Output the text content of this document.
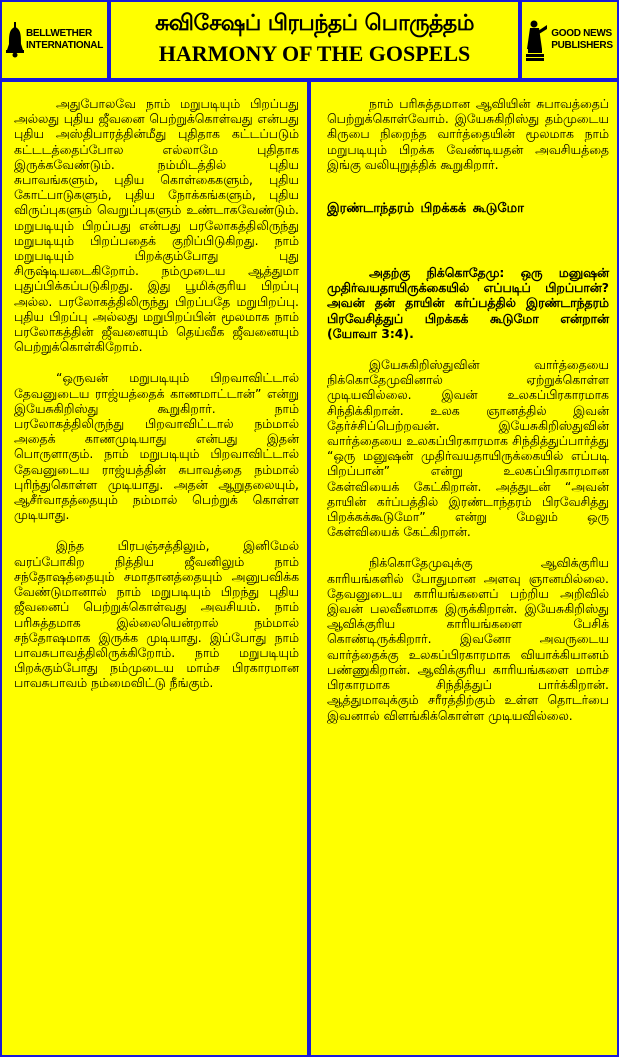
BELLWETHER
INTERNATIONAL
சுவிசேஷப் பிரபந்தப் பொருத்தம்
HARMONY OF THE GOSPELS
GOOD NEWS
PUBLISHERS

அதுபோலவே நாம் மறுபடியும் பிறப்பது அல்லது புதிய ஜீவனை பெற்றுக்கொள்வது என்பது புதிய அஸ்திபாரத்தின்மீது புதிதாக கட்டப்படும் கட்டடத்தைப்போல எல்லாமே புதிதாக இருக்கவேண்டும். நம்மிடத்தில் புதிய சுபாவங்களும், புதிய கொள்கைகளும், புதிய கோட்பாடுகளும், புதிய நோக்கங்களும், புதிய விருப்புகளும் வெறுப்புகளும் உண்டாகவேண்டும். மறுபடியும் பிறப்பது என்பது பரலோகத்திலிருந்து மறுபடியும் பிறப்பதைக் குறிப்பிடுகிறது. நாம் மறுபடியும் பிறக்கும்போது புது சிருஷ்டியடைகிறோம். நம்முடைய ஆத்துமா புதுப்பிக்கப்படுகிறது. இது பூமிக்குரிய பிறப்பு அல்ல. பரலோகத்திலிருந்து பிறப்பதே மறுபிறப்பு. புதிய பிறப்பு அல்லது மறுபிறப்பின் மூலமாக நாம் பரலோகத்தின் ஜீவனையும் தெய்வீக ஜீவனையும் பெற்றுக்கொள்கிறோம்.

“ஒருவன் மறுபடியும் பிறவாவிட்டால் தேவனுடைய ராஜ்யத்தைக் காணமாட்டான்” என்று இயேசுகிறிஸ்து கூறுகிறார். நாம் பரலோகத்திலிருந்து பிறவாவிட்டால் நம்மால் அதைக் காணமுடியாது என்பது இதன் பொருளாகும். நாம் மறுபடியும் பிறவாவிட்டால் தேவனுடைய ராஜ்யத்தின் சுபாவத்தை நம்மால் புரிந்துகொள்ள முடியாது. அதன் ஆறுதலையும், ஆசீர்வாதத்தையும் நம்மால் பெற்றுக் கொள்ள முடியாது.

இந்த பிரபஞ்சத்திலும், இனிமேல் வரப்போகிற நித்திய ஜீவனிலும் நாம் சந்தோஷத்தையும் சமாதானத்தையும் அனுபவிக்க வேண்டுமானால் நாம் மறுபடியும் பிறந்து புதிய ஜீவனைப் பெற்றுக்கொள்வது அவசியம். நாம் பரிசுத்தமாக இல்லையென்றால் நம்மால் சந்தோஷமாக இருக்க முடியாது. இப்போது நாம் பாவசுபாவத்திலிருக்கிறோம். நாம் மறுபடியும் பிறக்கும்போது நம்முடைய மாம்ச பிரகாரமான பாவசுபாவம் நம்மைவிட்டு நீங்கும்.

நாம் பரிசுத்தமான ஆவியின் சுபாவத்தைப் பெற்றுக்கொள்வோம். இயேசுகிறிஸ்து தம்முடைய கிருபை நிறைந்த வார்த்தையின் மூலமாக நாம் மறுபடியும் பிறக்க வேண்டியதன் அவசியத்தை இங்கு வலியுறுத்திக் கூறுகிறார்.

இரண்டாந்தரம் பிறக்கக் கூடுமோ

அதற்கு நிக்கொதேமு: ஒரு மனுஷன் முதிர்வயதாயிருக்கையில் எப்படிப் பிறப்பான்? அவன் தன் தாயின் கர்ப்பத்தில் இரண்டாந்தரம் பிரவேசித்துப் பிறக்கக் கூடுமோ என்றான் (யோவா 3:4).

இயேசுகிறிஸ்துவின் வார்த்தையை நிக்கொதேமுவினால் ஏற்றுக்கொள்ள முடியவில்லை. இவன் உலகப்பிரகாரமாக சிந்திக்கிறான். உலக ஞானத்தில் இவன் தேர்ச்சிப்பெற்றவன். இயேசுகிறிஸ்துவின் வார்த்தையை உலகப்பிரகாரமாக சிந்தித்துப்பார்த்து “ஒரு மனுஷன் முதிர்வயதாயிருக்கையில் எப்படி பிறப்பான்” என்று உலகப்பிரகாரமான கேள்வியைக் கேட்கிறான். அத்துடன் “அவன் தாயின் கர்ப்பத்தில் இரண்டாந்தரம் பிரவேசித்து பிறக்கக்கூடுமோ” என்று மேலும் ஒரு கேள்வியைக் கேட்கிறான்.

நிக்கொதேமுவுக்கு ஆவிக்குரிய காரியங்களில் போதுமான அளவு ஞானமில்லை. தேவனுடைய காரியங்களைப் பற்றிய அறிவில் இவன் பலவீனமாக இருக்கிறான். இயேசுகிறிஸ்து ஆவிக்குரிய காரியங்களை பேசிக் கொண்டிருக்கிறார். இவனோ அவருடைய வார்த்தைக்கு உலகப்பிரகாரமாக வியாக்கியானம் பண்ணுகிறான். ஆவிக்குரிய காரியங்களை மாம்ச பிரகாரமாக சிந்தித்துப் பார்க்கிறான். ஆத்துமாவுக்கும் சரீரத்திற்கும் உள்ள தொடர்பை இவனால் விளங்கிக்கொள்ள முடியவில்லை.
